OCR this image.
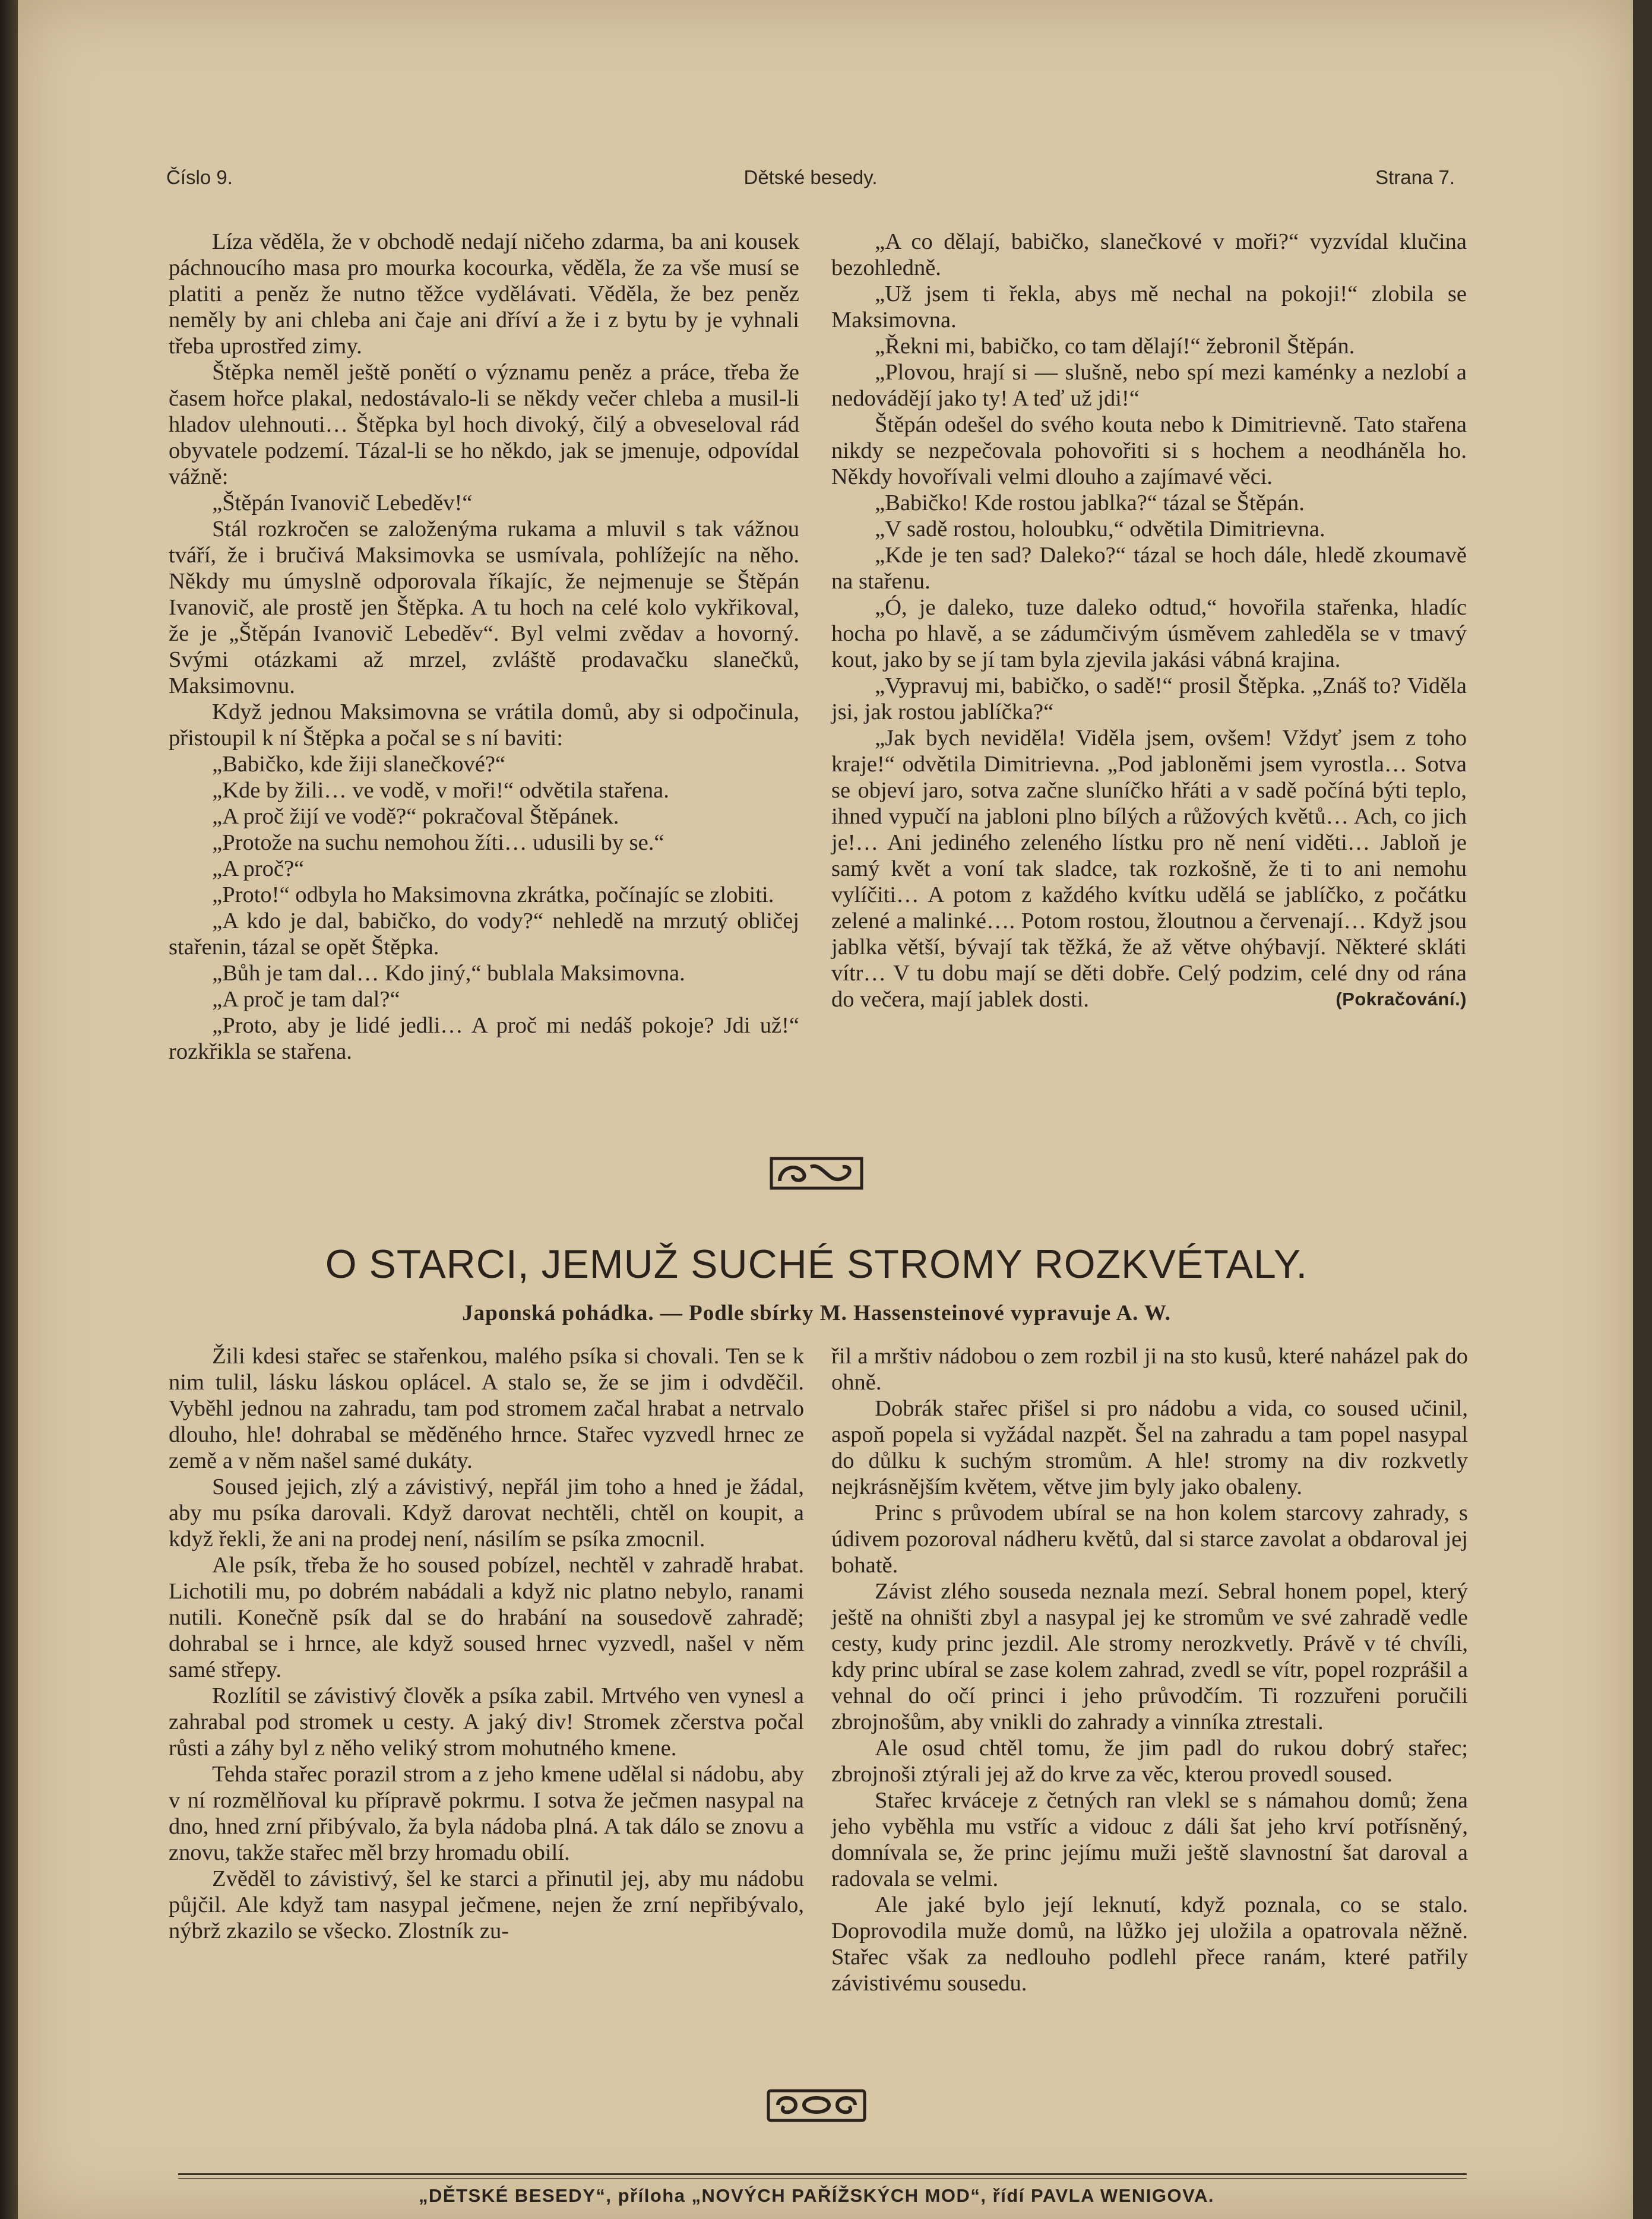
Číslo 9.	Dětské besedy.	Strana 7.

Líza věděla, že v obchodě nedají ničeho zdarma, ba ani kousek páchnoucího masa pro mourka kocourka, věděla, že za vše musí se platiti a peněz že nutno těžce vydělávati. Věděla, že bez peněz neměly by ani chleba ani čaje ani dříví a že i z bytu by je vyhnali třeba uprostřed zimy.

Štěpka neměl ještě ponětí o významu peněz a práce, třeba že časem hořce plakal, nedostávalo-li se někdy večer chleba a musil-li hladov ulehnouti… Štěpka byl hoch divoký, čilý a obveseloval rád obyvatele podzemí. Tázal-li se ho někdo, jak se jmenuje, odpovídal vážně:

„Štěpán Ivanovič Lebeděv!“

Stál rozkročen se založenýma rukama a mluvil s tak vážnou tváří, že i bručivá Maksimovka se usmívala, pohlížejíc na něho. Někdy mu úmyslně odporovala říkajíc, že nejmenuje se Štěpán Ivanovič, ale prostě jen Štěpka. A tu hoch na celé kolo vykřikoval, že je „Štěpán Ivanovič Lebeděv“. Byl velmi zvědav a hovorný. Svými otázkami až mrzel, zvláště prodavačku slanečků, Maksimovnu.

Když jednou Maksimovna se vrátila domů, aby si odpočinula, přistoupil k ní Štěpka a počal se s ní baviti:

„Babičko, kde žiji slanečkové?“

„Kde by žili… ve vodě, v moři!“ odvětila stařena.

„A proč žijí ve vodě?“ pokračoval Štěpánek.

„Protože na suchu nemohou žíti… udusili by se.“

„A proč?“

„Proto!“ odbyla ho Maksimovna zkrátka, počínajíc se zlobiti.

„A kdo je dal, babičko, do vody?“ nehledě na mrzutý obličej stařenin, tázal se opět Štěpka.

„Bůh je tam dal… Kdo jiný,“ bublala Maksimovna.

„A proč je tam dal?“

„Proto, aby je lidé jedli… A proč mi nedáš pokoje? Jdi už!“ rozkřikla se stařena.

„A co dělají, babičko, slanečkové v moři?“ vyzvídal klučina bezohledně.

„Už jsem ti řekla, abys mě nechal na pokoji!“ zlobila se Maksimovna.

„Řekni mi, babičko, co tam dělají!“ žebronil Štěpán.

„Plovou, hrají si — slušně, nebo spí mezi kaménky a nezlobí a nedovádějí jako ty! A teď už jdi!“

Štěpán odešel do svého kouta nebo k Dimitrievně. Tato stařena nikdy se nezpečovala pohovořiti si s hochem a neodháněla ho. Někdy hovořívali velmi dlouho a zajímavé věci.

„Babičko! Kde rostou jablka?“ tázal se Štěpán.

„V sadě rostou, holoubku,“ odvětila Dimitrievna.

„Kde je ten sad? Daleko?“ tázal se hoch dále, hledě zkoumavě na stařenu.

„Ó, je daleko, tuze daleko odtud,“ hovořila stařenka, hladíc hocha po hlavě, a se zádumčivým úsměvem zahleděla se v tmavý kout, jako by se jí tam byla zjevila jakási vábná krajina.

„Vypravuj mi, babičko, o sadě!“ prosil Štěpka. „Znáš to? Viděla jsi, jak rostou jablíčka?“

„Jak bych neviděla! Viděla jsem, ovšem! Vždyť jsem z toho kraje!“ odvětila Dimitrievna. „Pod jabloněmi jsem vyrostla… Sotva se objeví jaro, sotva začne sluníčko hřáti a v sadě počíná býti teplo, ihned vypučí na jabloni plno bílých a růžových květů… Ach, co jich je!… Ani jediného zeleného lístku pro ně není viděti… Jabloň je samý květ a voní tak sladce, tak rozkošně, že ti to ani nemohu vylíčiti… A potom z každého kvítku udělá se jablíčko, z počátku zelené a malinké…. Potom rostou, žloutnou a červenají… Když jsou jablka větší, bývají tak těžká, že až větve ohýbavjí. Některé skláti vítr… V tu dobu mají se děti dobře. Celý podzim, celé dny od rána do večera, mají jablek dosti.	(Pokračování.)

O STARCI, JEMUŽ SUCHÉ STROMY ROZKVÉTALY.
Japonská pohádka. — Podle sbírky M. Hassensteinové vypravuje A. W.

Žili kdesi stařec se stařenkou, malého psíka si chovali. Ten se k nim tulil, lásku láskou oplácel. A stalo se, že se jim i odvděčil. Vyběhl jednou na zahradu, tam pod stromem začal hrabat a netrvalo dlouho, hle! dohrabal se měděného hrnce. Stařec vyzvedl hrnec ze země a v něm našel samé dukáty.

Soused jejich, zlý a závistivý, nepřál jim toho a hned je žádal, aby mu psíka darovali. Když darovat nechtěli, chtěl on koupit, a když řekli, že ani na prodej není, násilím se psíka zmocnil.

Ale psík, třeba že ho soused pobízel, nechtěl v zahradě hrabat. Lichotili mu, po dobrém nabádali a když nic platno nebylo, ranami nutili. Konečně psík dal se do hrabání na sousedově zahradě; dohrabal se i hrnce, ale když soused hrnec vyzvedl, našel v něm samé střepy.

Rozlítil se závistivý člověk a psíka zabil. Mrtvého ven vynesl a zahrabal pod stromek u cesty. A jaký div! Stromek zčerstva počal růsti a záhy byl z něho veliký strom mohutného kmene.

Tehda stařec porazil strom a z jeho kmene udělal si nádobu, aby v ní rozmělňoval ku přípravě pokrmu. I sotva že ječmen nasypal na dno, hned zrní přibývalo, ža byla nádoba plná. A tak dálo se znovu a znovu, takže stařec měl brzy hromadu obilí.

Zvěděl to závistivý, šel ke starci a přinutil jej, aby mu nádobu půjčil. Ale když tam nasypal ječmene, nejen že zrní nepřibývalo, nýbrž zkazilo se všecko. Zlostník zu-

řil a mrštiv nádobou o zem rozbil ji na sto kusů, které naházel pak do ohně.

Dobrák stařec přišel si pro nádobu a vida, co soused učinil, aspoň popela si vyžádal nazpět. Šel na zahradu a tam popel nasypal do důlku k suchým stromům. A hle! stromy na div rozkvetly nejkrásnějším květem, větve jim byly jako obaleny.

Princ s průvodem ubíral se na hon kolem starcovy zahrady, s údivem pozoroval nádheru květů, dal si starce zavolat a obdaroval jej bohatě.

Závist zlého souseda neznala mezí. Sebral honem popel, který ještě na ohništi zbyl a nasypal jej ke stromům ve své zahradě vedle cesty, kudy princ jezdil. Ale stromy nerozkvetly. Právě v té chvíli, kdy princ ubíral se zase kolem zahrad, zvedl se vítr, popel rozprášil a vehnal do očí princi i jeho průvodčím. Ti rozzuřeni poručili zbrojnošům, aby vnikli do zahrady a vinníka ztrestali.

Ale osud chtěl tomu, že jim padl do rukou dobrý stařec; zbrojnoši ztýrali jej až do krve za věc, kterou provedl soused.

Stařec krváceje z četných ran vlekl se s námahou domů; žena jeho vyběhla mu vstříc a vidouc z dáli šat jeho krví potřísněný, domnívala se, že princ jejímu muži ještě slavnostní šat daroval a radovala se velmi.

Ale jaké bylo její leknutí, když poznala, co se stalo. Doprovodila muže domů, na lůžko jej uložila a opatrovala něžně. Stařec však za nedlouho podlehl přece ranám, které patřily závistivému sousedu.

„DĚTSKÉ BESEDY“, příloha „NOVÝCH PAŘÍŽSKÝCH MOD“, řídí PAVLA WENIGOVA.
